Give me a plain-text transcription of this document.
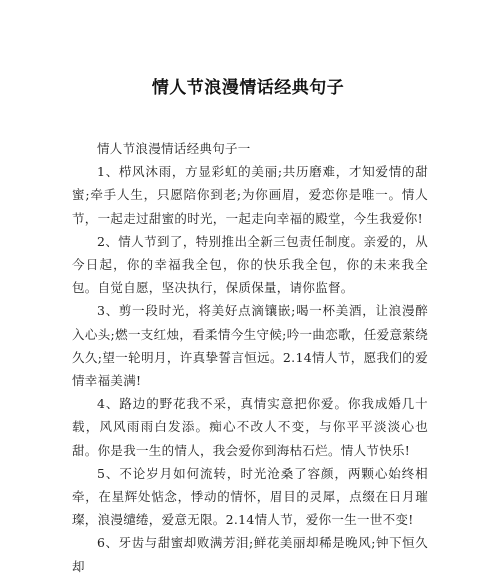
情人节浪漫情话经典句子

情人节浪漫情话经典句子一

1、栉风沐雨，方显彩虹的美丽;共历磨难，才知爱情的甜蜜;牵手人生，只愿陪你到老;为你画眉，爱恋你是唯一。情人节，一起走过甜蜜的时光，一起走向幸福的殿堂，今生我爱你!

2、情人节到了，特别推出全新三包责任制度。亲爱的，从今日起，你的幸福我全包，你的快乐我全包，你的未来我全包。自觉自愿，坚决执行，保质保量，请你监督。

3、剪一段时光，将美好点滴镶嵌;喝一杯美酒，让浪漫醉入心头;燃一支红烛，看柔情今生守候;吟一曲恋歌，任爱意萦绕久久;望一轮明月，许真挚誓言恒远。2.14情人节，愿我们的爱情幸福美满!

4、路边的野花我不采，真情实意把你爱。你我成婚几十载，风风雨雨白发添。痴心不改人不变，与你平平淡淡心也甜。你是我一生的情人，我会爱你到海枯石烂。情人节快乐!

5、不论岁月如何流转，时光沧桑了容颜，两颗心始终相牵，在星辉处惦念，悸动的情怀，眉目的灵犀，点缀在日月璀璨，浪漫缱绻，爱意无限。2.14情人节，爱你一生一世不变!

6、牙齿与甜蜜却败满芳泪;鲜花美丽却稀是晚风;钟下恒久却
